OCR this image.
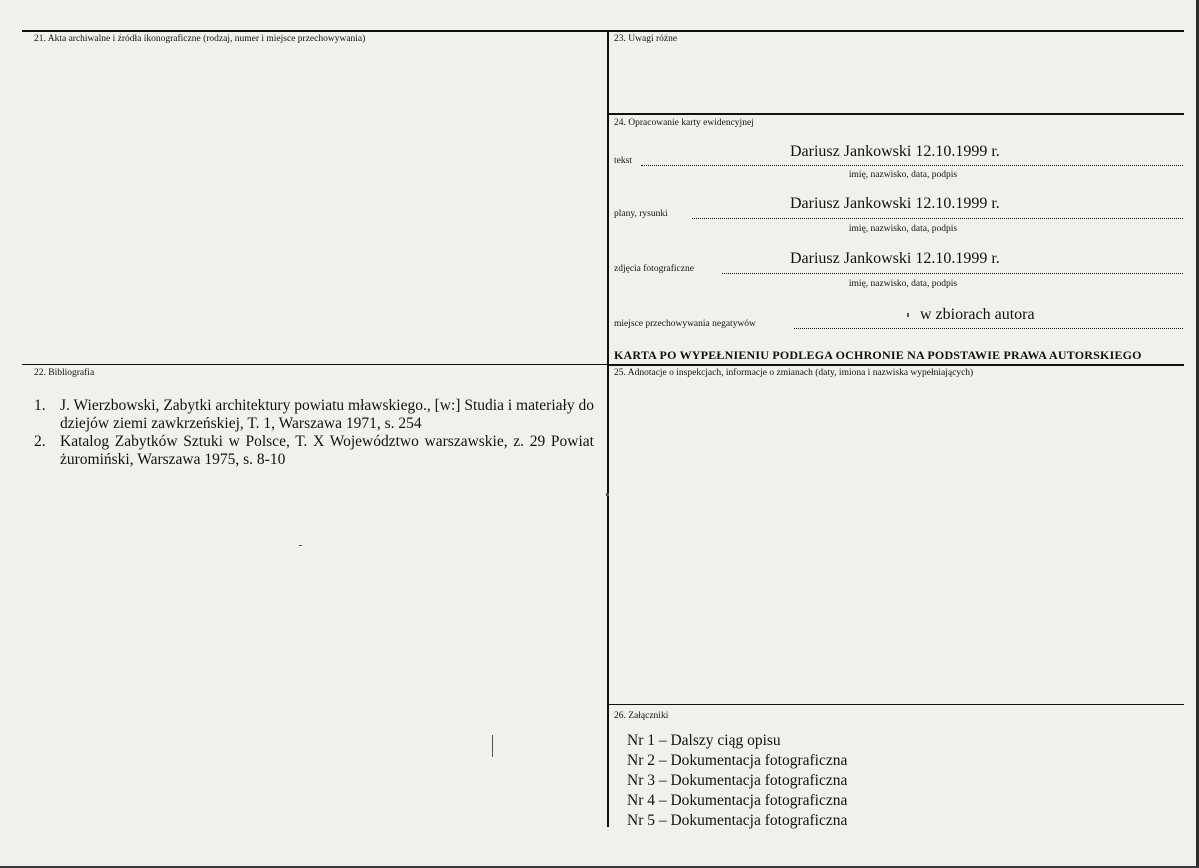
21. Akta archiwalne i źródła ikonograficzne (rodzaj, numer i miejsce przechowywania)
22. Bibliografia
1. J. Wierzbowski, Zabytki architektury powiatu mławskiego., [w:] Studia i materiały do dziejów ziemi zawkrzeńskiej, T. 1, Warszawa 1971, s. 254
2. Katalog Zabytków Sztuki w Polsce, T. X Województwo warszawskie, z. 29 Powiat żuromiński, Warszawa 1975, s. 8-10
23. Uwagi różne
24. Opracowanie karty ewidencyjnej
tekst
Dariusz Jankowski 12.10.1999 r.
imię, nazwisko, data, podpis
plany, rysunki
Dariusz Jankowski 12.10.1999 r.
imię, nazwisko, data, podpis
zdjęcia fotograficzne
Dariusz Jankowski 12.10.1999 r.
imię, nazwisko, data, podpis
miejsce przechowywania negatywów
w zbiorach autora
KARTA PO WYPEŁNIENIU PODLEGA OCHRONIE NA PODSTAWIE PRAWA AUTORSKIEGO
25. Adnotacje o inspekcjach, informacje o zmianach (daty, imiona i nazwiska wypełniających)
26. Załączniki
Nr 1 – Dalszy ciąg opisu
Nr 2 – Dokumentacja fotograficzna
Nr 3 – Dokumentacja fotograficzna
Nr 4 – Dokumentacja fotograficzna
Nr 5 – Dokumentacja fotograficzna
